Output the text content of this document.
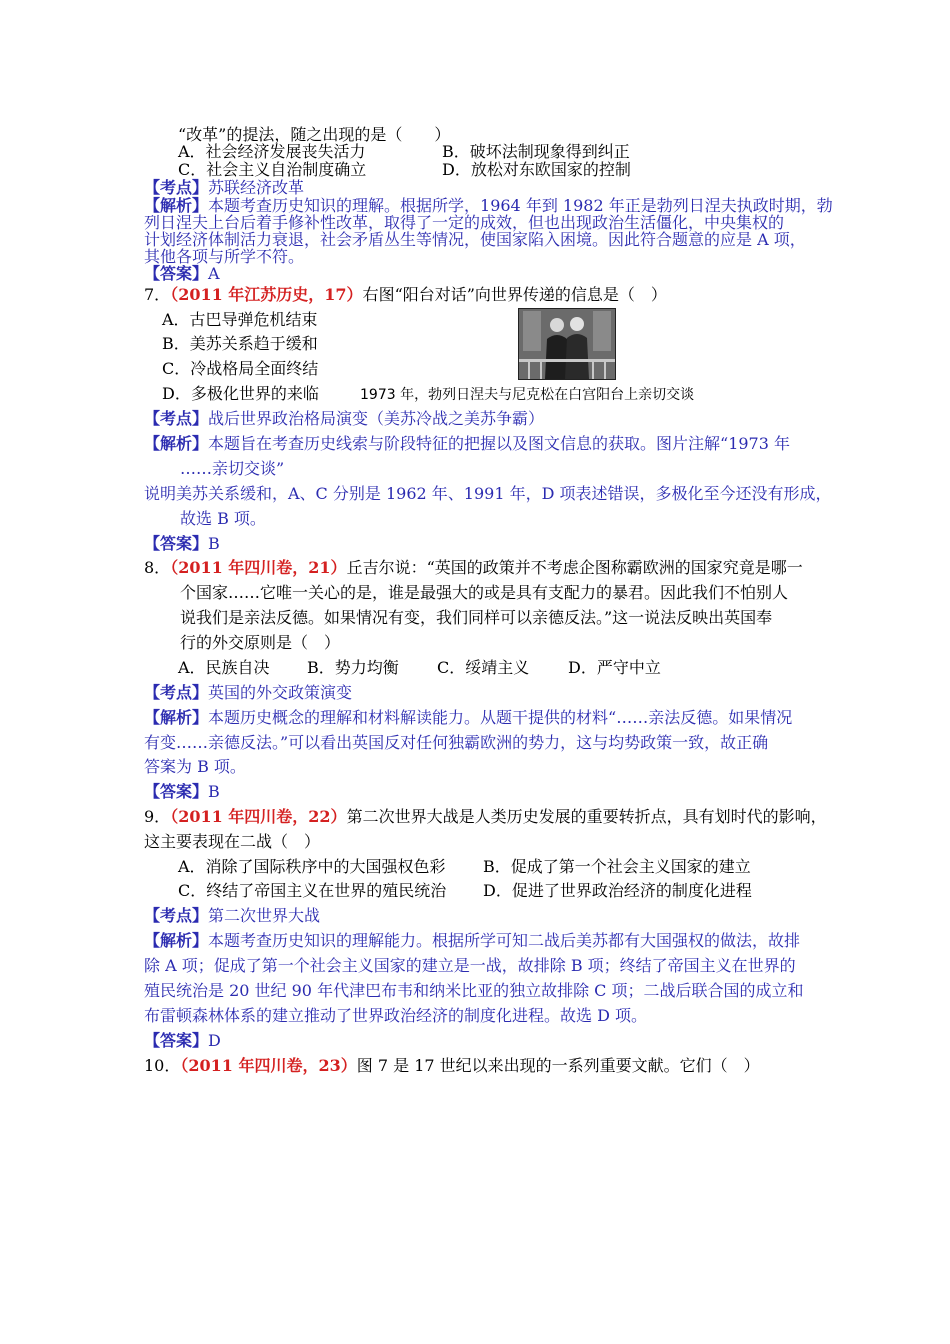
“改革”的提法，随之出现的是（　　）
A．社会经济发展丧失活力	B．破坏法制现象得到纠正
C．社会主义自治制度确立	D．放松对东欧国家的控制
【考点】苏联经济改革
【解析】本题考查历史知识的理解。根据所学，1964 年到 1982 年正是勃列日涅夫执政时期，勃
列日涅夫上台后着手修补性改革，取得了一定的成效，但也出现政治生活僵化，中央集权的
计划经济体制活力衰退，社会矛盾丛生等情况，使国家陷入困境。因此符合题意的应是 A 项，
其他各项与所学不符。
【答案】A
7．（2011 年江苏历史，17）右图“阳台对话”向世界传递的信息是（　）
A．古巴导弹危机结束
B．美苏关系趋于缓和
C．冷战格局全面终结
D．多极化世界的来临	1973 年，勃列日涅夫与尼克松在白宫阳台上亲切交谈
【考点】战后世界政治格局演变（美苏冷战之美苏争霸）
【解析】本题旨在考查历史线索与阶段特征的把握以及图文信息的获取。图片注解“1973 年
……亲切交谈”
说明美苏关系缓和，A、C 分别是 1962 年、1991 年，D 项表述错误，多极化至今还没有形成，
故选 B 项。
【答案】B
8．（2011 年四川卷，21）丘吉尔说：“英国的政策并不考虑企图称霸欧洲的国家究竟是哪一
个国家……它唯一关心的是，谁是最强大的或是具有支配力的暴君。因此我们不怕别人
说我们是亲法反德。如果情况有变，我们同样可以亲德反法。”这一说法反映出英国奉
行的外交原则是（　）
A．民族自决 B．势力均衡 C．绥靖主义 D．严守中立
【考点】英国的外交政策演变
【解析】本题历史概念的理解和材料解读能力。从题干提供的材料“……亲法反德。如果情况
有变……亲德反法。”可以看出英国反对任何独霸欧洲的势力，这与均势政策一致，故正确
答案为 B 项。
【答案】B
9．（2011 年四川卷，22）第二次世界大战是人类历史发展的重要转折点，具有划时代的影响，
这主要表现在二战（　）
A．消除了国际秩序中的大国强权色彩 B．促成了第一个社会主义国家的建立
C．终结了帝国主义在世界的殖民统治 D．促进了世界政治经济的制度化进程
【考点】第二次世界大战
【解析】本题考查历史知识的理解能力。根据所学可知二战后美苏都有大国强权的做法，故排
除 A 项；促成了第一个社会主义国家的建立是一战，故排除 B 项；终结了帝国主义在世界的
殖民统治是 20 世纪 90 年代津巴布韦和纳米比亚的独立故排除 C 项；二战后联合国的成立和
布雷顿森林体系的建立推动了世界政治经济的制度化进程。故选 D 项。
【答案】D
10．（2011 年四川卷，23）图 7 是 17 世纪以来出现的一系列重要文献。它们（　）
